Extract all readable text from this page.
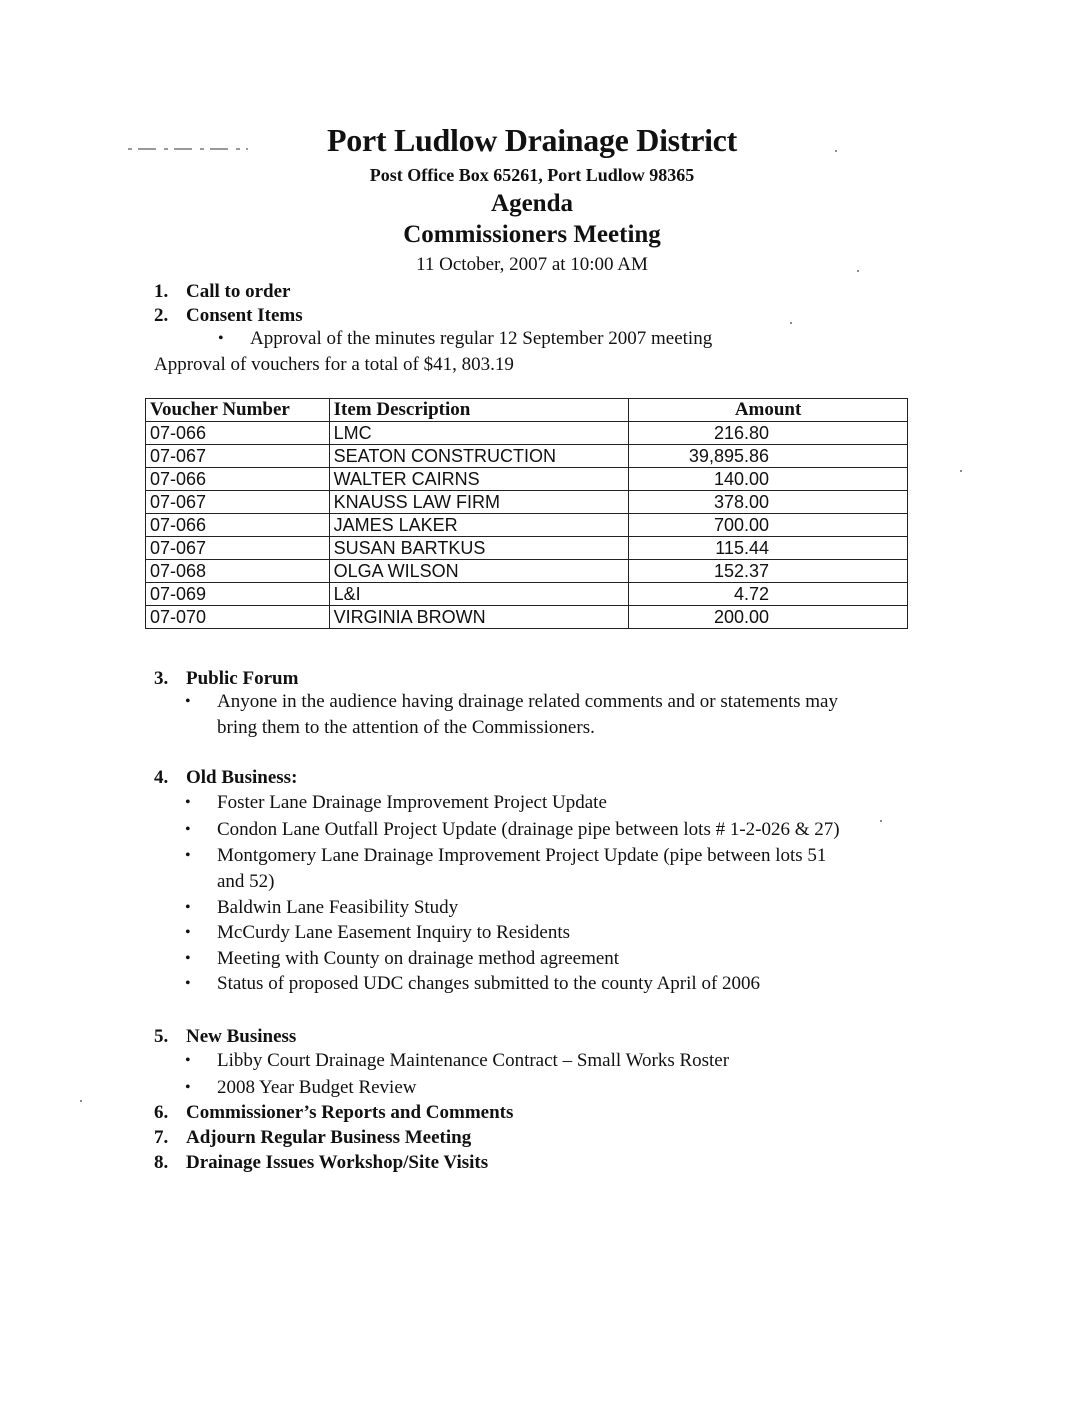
Port Ludlow Drainage District
Post Office Box 65261, Port Ludlow 98365
Agenda
Commissioners Meeting
11 October, 2007 at 10:00 AM
1. Call to order
2. Consent Items
• Approval of the minutes regular 12 September 2007 meeting
Approval of vouchers for a total of $41, 803.19
Voucher Number	Item Description	Amount
07-066	LMC	216.80
07-067	SEATON CONSTRUCTION	39,895.86
07-066	WALTER CAIRNS	140.00
07-067	KNAUSS LAW FIRM	378.00
07-066	JAMES LAKER	700.00
07-067	SUSAN BARTKUS	115.44
07-068	OLGA WILSON	152.37
07-069	L&I	4.72
07-070	VIRGINIA BROWN	200.00
3. Public Forum
• Anyone in the audience having drainage related comments and or statements may
bring them to the attention of the Commissioners.
4. Old Business:
• Foster Lane Drainage Improvement Project Update
• Condon Lane Outfall Project Update (drainage pipe between lots # 1-2-026 & 27)
• Montgomery Lane Drainage Improvement Project Update (pipe between lots 51
and 52)
• Baldwin Lane Feasibility Study
• McCurdy Lane Easement Inquiry to Residents
• Meeting with County on drainage method agreement
• Status of proposed UDC changes submitted to the county April of 2006
5. New Business
• Libby Court Drainage Maintenance Contract – Small Works Roster
• 2008 Year Budget Review
6. Commissioner’s Reports and Comments
7. Adjourn Regular Business Meeting
8. Drainage Issues Workshop/Site Visits
